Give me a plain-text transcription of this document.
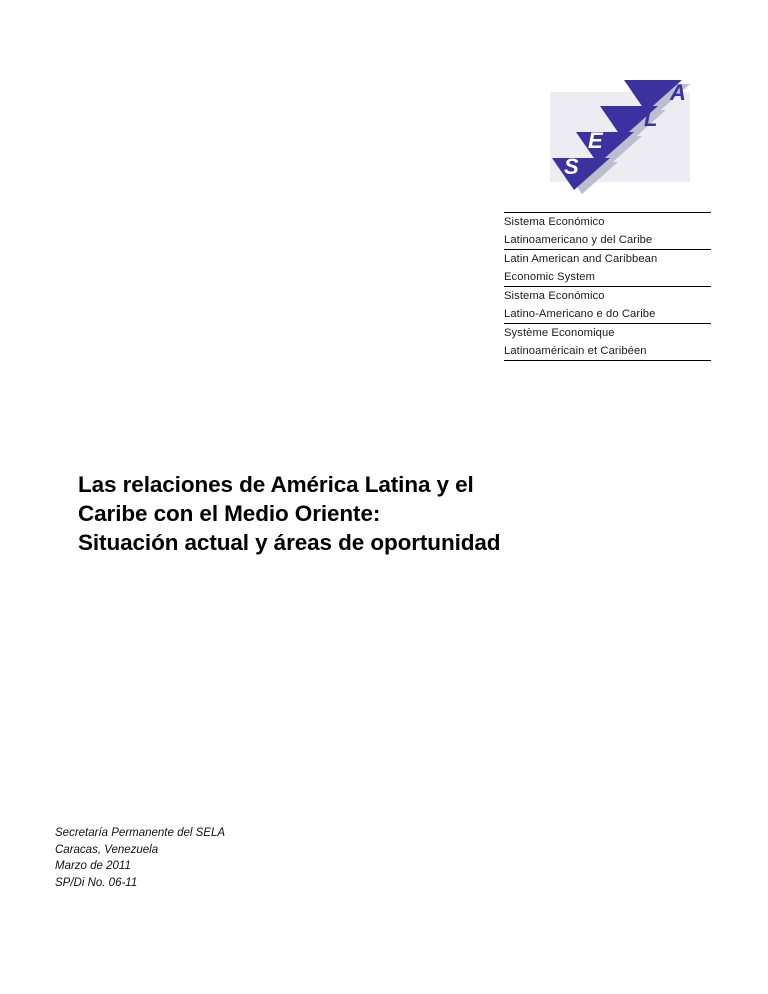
A
L
E
S
Sistema Económico
Latinoamericano y del Caribe
Latin American and Caribbean
Economic System
Sistema Económico
Latino-Americano e do Caribe
Système Economique
Latinoaméricain et Caribéen
Las relaciones de América Latina y el
Caribe con el Medio Oriente:
Situación actual y áreas de oportunidad
Secretaría Permanente del SELA
Caracas, Venezuela
Marzo de 2011
SP/Di No. 06-11
